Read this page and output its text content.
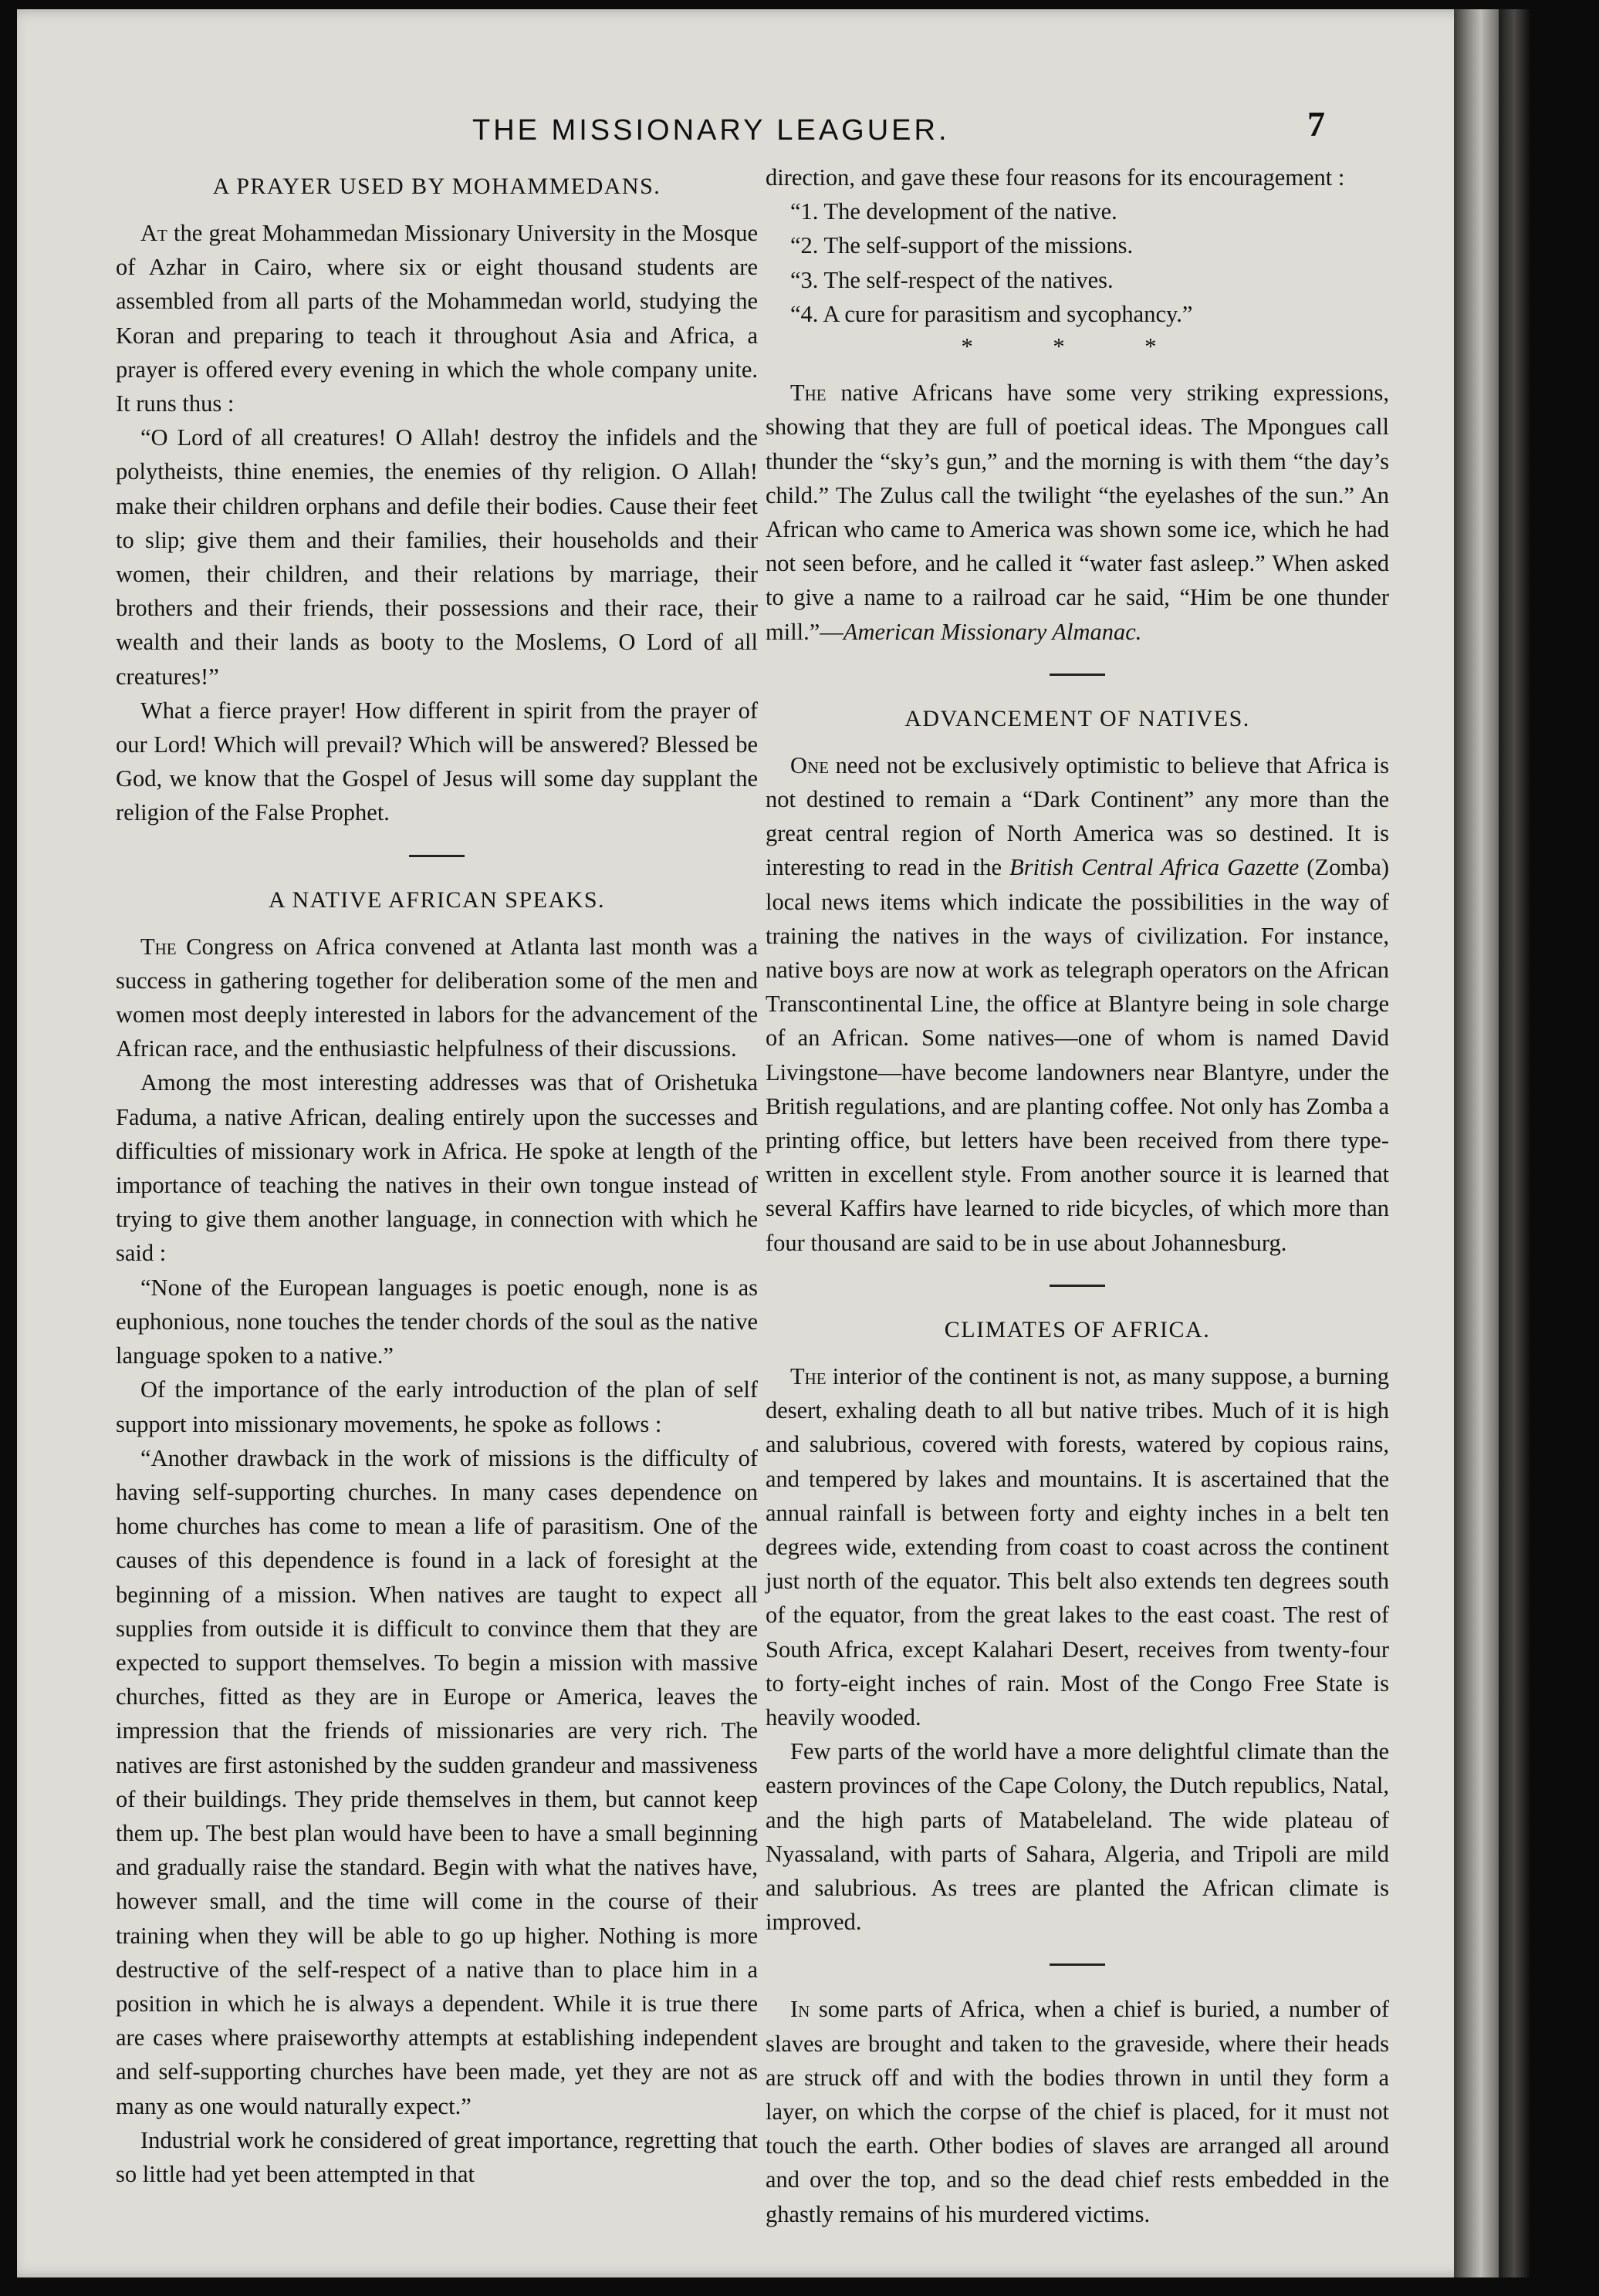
THE MISSIONARY LEAGUER.	7
A PRAYER USED BY MOHAMMEDANS.

At the great Mohammedan Missionary University in the Mosque of Azhar in Cairo, where six or eight thousand students are assembled from all parts of the Mohammedan world, studying the Koran and preparing to teach it throughout Asia and Africa, a prayer is offered every evening in which the whole company unite. It runs thus :

“O Lord of all creatures! O Allah! destroy the infidels and the polytheists, thine enemies, the enemies of thy religion. O Allah! make their children orphans and defile their bodies. Cause their feet to slip; give them and their families, their households and their women, their children, and their relations by marriage, their brothers and their friends, their possessions and their race, their wealth and their lands as booty to the Moslems, O Lord of all creatures!”

What a fierce prayer! How different in spirit from the prayer of our Lord! Which will prevail? Which will be answered? Blessed be God, we know that the Gospel of Jesus will some day supplant the religion of the False Prophet.

A NATIVE AFRICAN SPEAKS.

The Congress on Africa convened at Atlanta last month was a success in gathering together for deliberation some of the men and women most deeply interested in labors for the advancement of the African race, and the enthusiastic helpfulness of their discussions.

Among the most interesting addresses was that of Orishetuka Faduma, a native African, dealing entirely upon the successes and difficulties of missionary work in Africa. He spoke at length of the importance of teaching the natives in their own tongue instead of trying to give them another language, in connection with which he said :

“None of the European languages is poetic enough, none is as euphonious, none touches the tender chords of the soul as the native language spoken to a native.”

Of the importance of the early introduction of the plan of self support into missionary movements, he spoke as follows :

“Another drawback in the work of missions is the difficulty of having self-supporting churches. In many cases dependence on home churches has come to mean a life of parasitism. One of the causes of this dependence is found in a lack of foresight at the beginning of a mission. When natives are taught to expect all supplies from outside it is difficult to convince them that they are expected to support themselves. To begin a mission with massive churches, fitted as they are in Europe or America, leaves the impression that the friends of missionaries are very rich. The natives are first astonished by the sudden grandeur and massiveness of their buildings. They pride themselves in them, but cannot keep them up. The best plan would have been to have a small beginning and gradually raise the standard. Begin with what the natives have, however small, and the time will come in the course of their training when they will be able to go up higher. Nothing is more destructive of the self-respect of a native than to place him in a position in which he is always a dependent. While it is true there are cases where praiseworthy attempts at establishing independent and self-supporting churches have been made, yet they are not as many as one would naturally expect.”

Industrial work he considered of great importance, regretting that so little had yet been attempted in that

direction, and gave these four reasons for its encouragement :

“1. The development of the native.

“2. The self-support of the missions.

“3. The self-respect of the natives.

“4. A cure for parasitism and sycophancy.”

* * *

The native Africans have some very striking expressions, showing that they are full of poetical ideas. The Mpongues call thunder the “sky’s gun,” and the morning is with them “the day’s child.” The Zulus call the twilight “the eyelashes of the sun.” An African who came to America was shown some ice, which he had not seen before, and he called it “water fast asleep.” When asked to give a name to a railroad car he said, “Him be one thunder mill.”—American Missionary Almanac.

ADVANCEMENT OF NATIVES.

One need not be exclusively optimistic to believe that Africa is not destined to remain a “Dark Continent” any more than the great central region of North America was so destined. It is interesting to read in the British Central Africa Gazette (Zomba) local news items which indicate the possibilities in the way of training the natives in the ways of civilization. For instance, native boys are now at work as telegraph operators on the African Transcontinental Line, the office at Blantyre being in sole charge of an African. Some natives—one of whom is named David Livingstone—have become landowners near Blantyre, under the British regulations, and are planting coffee. Not only has Zomba a printing office, but letters have been received from there type-written in excellent style. From another source it is learned that several Kaffirs have learned to ride bicycles, of which more than four thousand are said to be in use about Johannesburg.

CLIMATES OF AFRICA.

The interior of the continent is not, as many suppose, a burning desert, exhaling death to all but native tribes. Much of it is high and salubrious, covered with forests, watered by copious rains, and tempered by lakes and mountains. It is ascertained that the annual rainfall is between forty and eighty inches in a belt ten degrees wide, extending from coast to coast across the continent just north of the equator. This belt also extends ten degrees south of the equator, from the great lakes to the east coast. The rest of South Africa, except Kalahari Desert, receives from twenty-four to forty-eight inches of rain. Most of the Congo Free State is heavily wooded.

Few parts of the world have a more delightful climate than the eastern provinces of the Cape Colony, the Dutch republics, Natal, and the high parts of Matabeleland. The wide plateau of Nyassaland, with parts of Sahara, Algeria, and Tripoli are mild and salubrious. As trees are planted the African climate is improved.

In some parts of Africa, when a chief is buried, a number of slaves are brought and taken to the graveside, where their heads are struck off and with the bodies thrown in until they form a layer, on which the corpse of the chief is placed, for it must not touch the earth. Other bodies of slaves are arranged all around and over the top, and so the dead chief rests embedded in the ghastly remains of his murdered victims.
